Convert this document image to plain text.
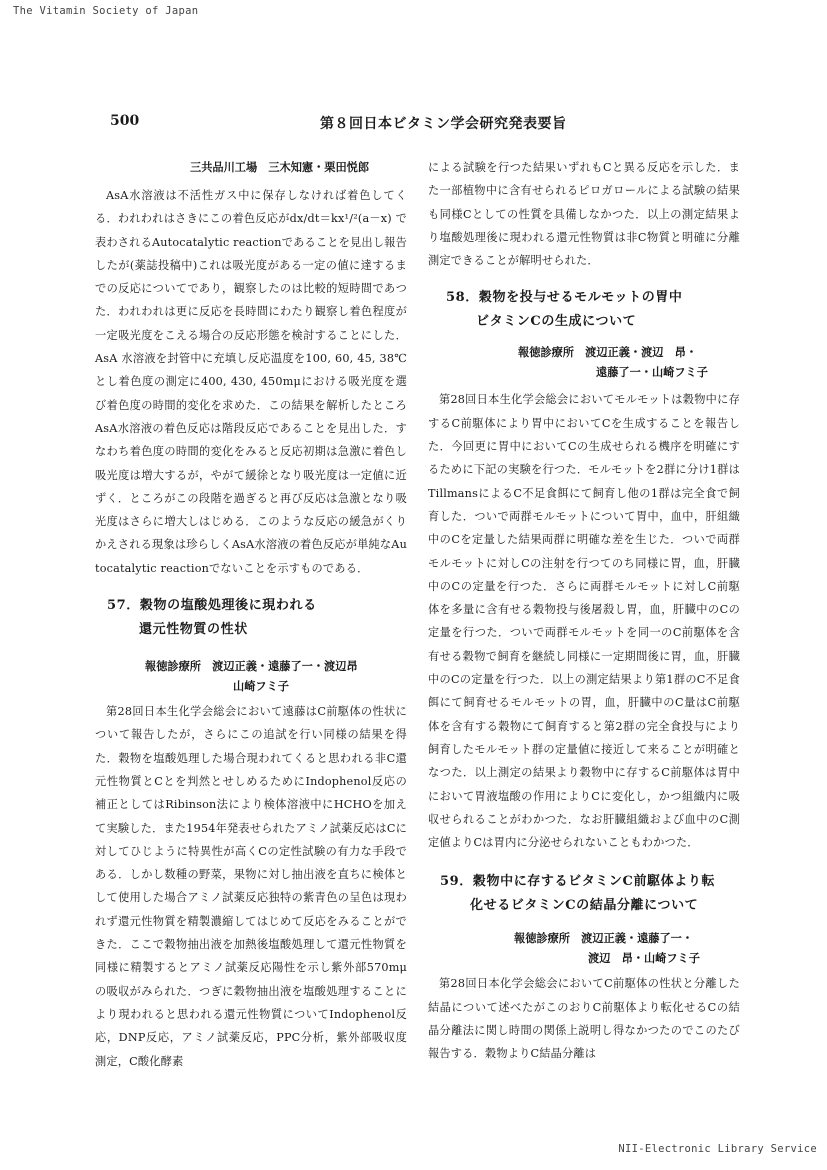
The Vitamin Society of Japan
500	第８回日本ビタミン学会研究発表要旨

三共品川工場　三木知憲・栗田悦郎

AsA水溶液は不活性ガス中に保存しなければ着色してくる．われわれはさきにこの着色反応がdx/dt＝kx¹/²(a－x) で表わされるAutocatalytic reactionであることを見出し報告したが(薬誌投稿中)これは吸光度がある一定の値に達するまでの反応についてであり，観察したのは比較的短時間であつた．われわれは更に反応を長時間にわたり観察し着色程度が一定吸光度をこえる場合の反応形態を検討することにした．AsA 水溶液を封管中に充填し反応温度を100, 60, 45, 38℃とし着色度の測定に400, 430, 450mμにおける吸光度を選び着色度の時間的変化を求めた．この結果を解析したところAsA水溶液の着色反応は階段反応であることを見出した．すなわち着色度の時間的変化をみると反応初期は急激に着色し吸光度は増大するが，やがて緩徐となり吸光度は一定値に近ずく．ところがこの段階を過ぎると再び反応は急激となり吸光度はさらに増大しはじめる．このような反応の緩急がくりかえされる現象は珍らしくAsA水溶液の着色反応が単純なAutocatalytic reactionでないことを示すものである．

57．穀物の塩酸処理後に現われる

還元性物質の性状

報徳診療所　渡辺正義・遠藤了一・渡辺昂

山崎フミ子

第28回日本生化学会総会において遠藤はC前駆体の性状について報告したが，さらにこの追試を行い同様の結果を得た．穀物を塩酸処理した場合現われてくると思われる非C還元性物質とCとを判然とせしめるためにIndophenol反応の補正としてはRibinson法により検体溶液中にHCHOを加えて実験した．また1954年発表せられたアミノ試薬反応はCに対してひじように特異性が高くCの定性試験の有力な手段である．しかし数種の野菜，果物に対し抽出液を直ちに検体として使用した場合アミノ試薬反応独特の紫青色の呈色は現われず還元性物質を精製濃縮してはじめて反応をみることができた．ここで穀物抽出液を加熱後塩酸処理して還元性物質を同様に精製するとアミノ試薬反応陽性を示し紫外部570mμの吸収がみられた．つぎに穀物抽出液を塩酸処理することにより現われると思われる還元性物質についてIndophenol反応，DNP反応，アミノ試薬反応，PPC分析，紫外部吸収度測定，C酸化酵素

による試験を行つた結果いずれもCと異る反応を示した．また一部植物中に含有せられるピロガロールによる試験の結果も同様Cとしての性質を具備しなかつた．以上の測定結果より塩酸処理後に現われる還元性物質は非C物質と明確に分離測定できることが解明せられた．

58．穀物を投与せるモルモットの胃中

ビタミンCの生成について

報徳診療所　渡辺正義・渡辺　昂・

遠藤了一・山崎フミ子

第28回日本生化学会総会においてモルモットは穀物中に存するC前駆体により胃中においてCを生成することを報告した．今回更に胃中においてCの生成せられる機序を明確にするために下記の実験を行つた．モルモットを2群に分け1群はTillmansによるC不足食餌にて飼育し他の1群は完全食で飼育した．ついで両群モルモットについて胃中，血中，肝組織中のCを定量した結果両群に明確な差を生じた．ついで両群モルモットに対しCの注射を行つてのち同様に胃，血，肝臓中のCの定量を行つた．さらに両群モルモットに対しC前駆体を多量に含有せる穀物投与後屠殺し胃，血，肝臓中のCの定量を行つた．ついで両群モルモットを同一のC前駆体を含有せる穀物で飼育を継続し同様に一定期間後に胃，血，肝臓中のCの定量を行つた．以上の測定結果より第1群のC不足食餌にて飼育せるモルモットの胃，血，肝臓中のC量はC前駆体を含有する穀物にて飼育すると第2群の完全食投与により飼育したモルモット群の定量値に接近して来ることが明確となつた．以上測定の結果より穀物中に存するC前駆体は胃中において胃液塩酸の作用によりCに変化し，かつ組織内に吸収せられることがわかつた．なお肝臓組織および血中のC測定値よりCは胃内に分泌せられないこともわかつた．

59．穀物中に存するビタミンC前駆体より転

化せるビタミンCの結晶分離について

報徳診療所　渡辺正義・遠藤了一・

渡辺　昂・山崎フミ子

第28回日本化学会総会においてC前駆体の性状と分離した結晶について述べたがこのおりC前駆体より転化せるCの結晶分離法に関し時間の関係上説明し得なかつたのでこのたび報告する．穀物よりC結晶分離は

NII-Electronic Library Service
